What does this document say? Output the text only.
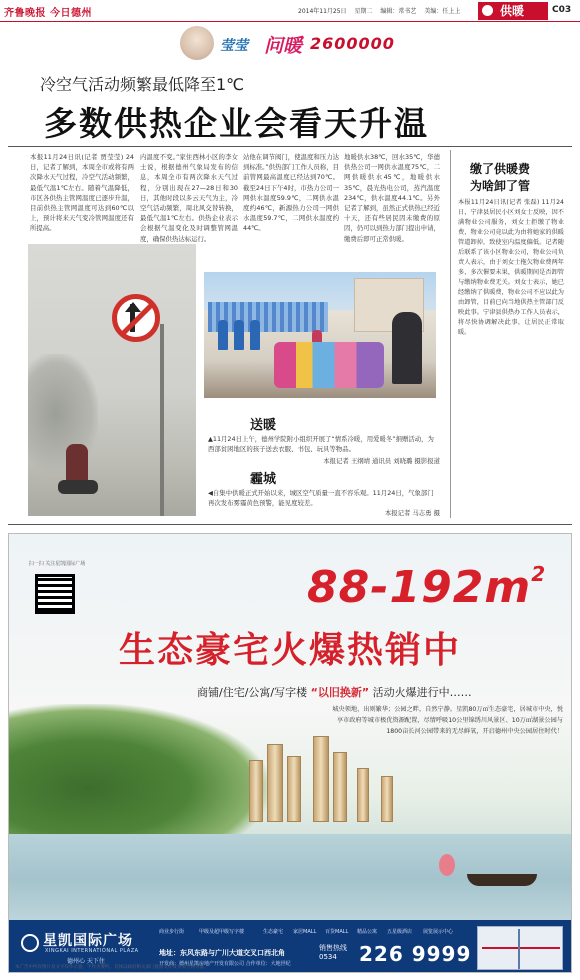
齐鲁晚报 今日德州	2014年11月25日 星期二 编辑：常书艺 美编：任上上	供暖	C03
莹莹 问暖 2600000
冷空气活动频繁最低降至1℃
多数供热企业会看天升温
本报11月24日讯(记者 贾莹莹) 24日，记者了解到，本周全市或将有两次降水天气过程，冷空气活动频繁，最低气温1℃左右。随着气温降低，市区各供热主管网温度已逐步升温，目前供热主管网温度可达到60℃以上，预计将来天气变冷管网温度还有所提高。
内温度不变。”家住西林小区的李女士说，根据德州气象局发布的信息，本周全市有两次降水天气过程，分别出现在27—28日和30日，其他时段以多云天气为主，冷空气活动频繁，周北风交替转换，最低气温1℃左右。供热企业表示会根据气温变化及时调整管网温度，确保供热达标运行。
站他在调节阀门，使温度和压力达到标准。”供热部门工作人员称，目前管网最高温度已经达到70℃。截至24日下午4时，市热力公司一网供水温度59.9℃，二网供水温度约46℃，新源热力公司一网供水温度59.7℃，二网供水温度约44℃。
地暖供水38℃，回水35℃，华德供热公司一网供水温度75℃，二网供暖供水45℃，地暖供水35℃，晨光热电公司，蒸汽温度234℃，供水温度44.1℃。另外记者了解到，虽然正式供热已经近十天，还有些居民因未缴费的原因，仍可以到热力部门提出申请，缴费后即可正常供暖。
送暖
▲11月24日上午，德州学院附小组织开展了“情系冷暖，用爱暖冬”捐赠活动，为西部贫困地区的孩子送去衣服、书包、玩具等物品。
本报记者 王纲靖 通讯员 刘晓璐 摄影报道
霾城
◀自集中供暖正式开始以来，城区空气质量一直不容乐观。11月24日，气象部门再次发布雾霾黄色预警，能见度较差。
本报记者 马志勇 摄
缴了供暖费
为啥卸了管
本报11月24日讯(记者 张磊) 11月24日，宁津县居民小区刘女士反映，因不满物业公司服务，刘女士拒缴了物业费，物业公司竟以此为由将她家的供暖管道卸掉，致使室内温度偏低。记者随后联系了该小区物业公司，物业公司负责人表示，由于刘女士拖欠物业费两年多，多次催要未果，供暖期间是否卸管与缴纳物业费无关。刘女士表示，她已经缴纳了供暖费，物业公司不应以此为由卸管，目前已向当地供热主管部门反映此事。宁津县供热办工作人员表示，将尽快协调解决此事，让居民正常取暖。
扫一扫 关注星凯国际广场	$88-192m^2$
生态豪宅火爆热销中
商铺/住宅/公寓/写字楼 “以旧换新” 活动火爆进行中……
城央领地，出则繁华；公园之畔，自然宁静。星凯80万㎡生态豪宅，居城市中央，悦享市政府等城市极优资源配置，尽情呼吸10公里锦绣川风景区、10万㎡湖景公园与1800亩长河公园带来的无尽鲜氧，开启德州中央公园居住时代！
星凯国际广场
XINGKAI INTERNATIONAL PLAZA
德州心 天下住
商业步行街	甲级及超甲级写字楼	生态豪宅 家居MALL 百货MALL 精品公寓 五星级酒店 展览展示中心
地址：东风东路与广川大道交叉口西北角
开发商：德州星凯房地产开发有限公司 合作单位：大地世纪
销售热线
0534	226 9999
本广告中所有图片及文字仅作示意，不作为要约，具体以政府相关部门批准文件及买卖合同为准。
